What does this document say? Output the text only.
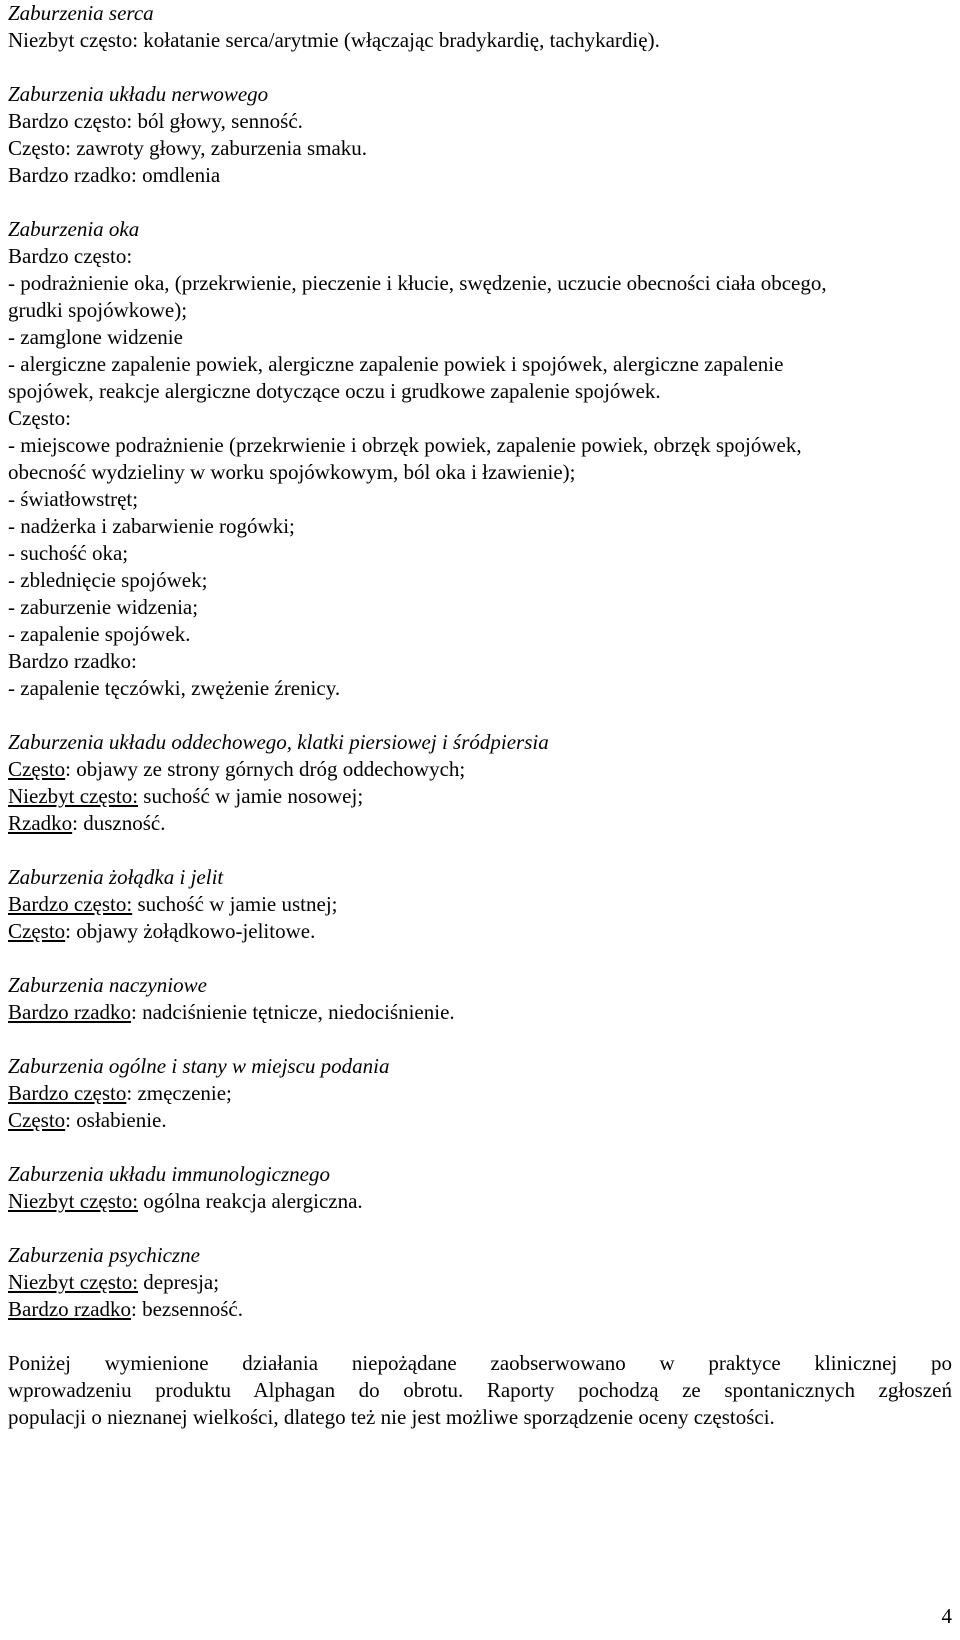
Zaburzenia serca

Niezbyt często: kołatanie serca/arytmie (włączając bradykardię, tachykardię).

Zaburzenia układu nerwowego

Bardzo często: ból głowy, senność.

Często: zawroty głowy, zaburzenia smaku.

Bardzo rzadko: omdlenia

Zaburzenia oka

Bardzo często:

- podrażnienie oka, (przekrwienie, pieczenie i kłucie, swędzenie, uczucie obecności ciała obcego,

grudki spojówkowe);

- zamglone widzenie

- alergiczne zapalenie powiek, alergiczne zapalenie powiek i spojówek, alergiczne zapalenie

spojówek, reakcje alergiczne dotyczące oczu i grudkowe zapalenie spojówek.

Często:

- miejscowe podrażnienie (przekrwienie i obrzęk powiek, zapalenie powiek, obrzęk spojówek,

obecność wydzieliny w worku spojówkowym, ból oka i łzawienie);

- światłowstręt;

- nadżerka i zabarwienie rogówki;

- suchość oka;

- zblednięcie spojówek;

- zaburzenie widzenia;

- zapalenie spojówek.

Bardzo rzadko:

- zapalenie tęczówki, zwężenie źrenicy.

Zaburzenia układu oddechowego, klatki piersiowej i śródpiersia

Często: objawy ze strony górnych dróg oddechowych;

Niezbyt często: suchość w jamie nosowej;

Rzadko: duszność.

Zaburzenia żołądka i jelit

Bardzo często: suchość w jamie ustnej;

Często: objawy żołądkowo-jelitowe.

Zaburzenia naczyniowe

Bardzo rzadko: nadciśnienie tętnicze, niedociśnienie.

Zaburzenia ogólne i stany w miejscu podania

Bardzo często: zmęczenie;

Często: osłabienie.

Zaburzenia układu immunologicznego

Niezbyt często: ogólna reakcja alergiczna.

Zaburzenia psychiczne

Niezbyt często: depresja;

Bardzo rzadko: bezsenność.

Poniżej wymienione działania niepożądane zaobserwowano w praktyce klinicznej po

wprowadzeniu produktu Alphagan do obrotu. Raporty pochodzą ze spontanicznych zgłoszeń

populacji o nieznanej wielkości, dlatego też nie jest możliwe sporządzenie oceny częstości.

4
